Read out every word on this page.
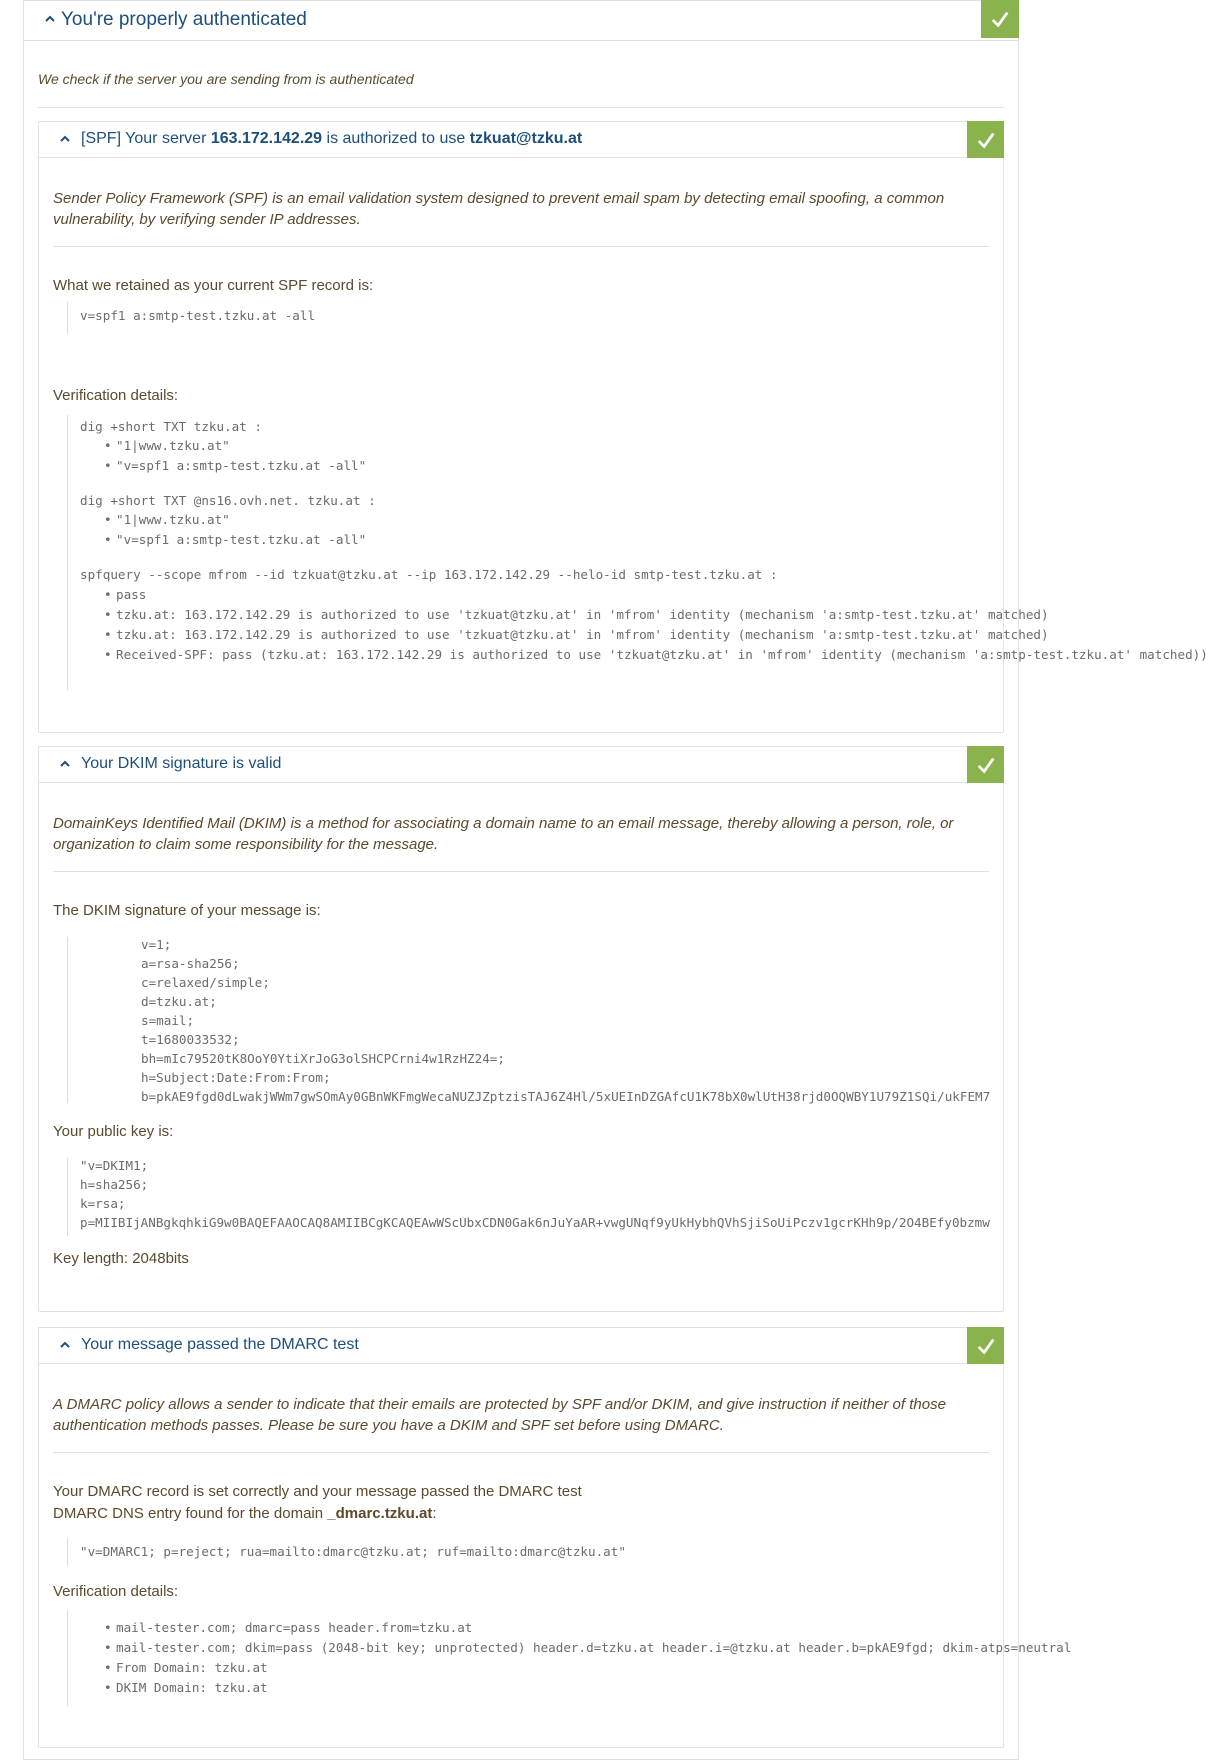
You're properly authenticated
We check if the server you are sending from is authenticated
[SPF] Your server 163.172.142.29 is authorized to use tzkuat@tzku.at
Sender Policy Framework (SPF) is an email validation system designed to prevent email spam by detecting email spoofing, a common
vulnerability, by verifying sender IP addresses.
What we retained as your current SPF record is:
v=spf1 a:smtp-test.tzku.at -all
Verification details:
dig +short TXT tzku.at :
• "1|www.tzku.at"
• "v=spf1 a:smtp-test.tzku.at -all"
dig +short TXT @ns16.ovh.net. tzku.at :
• "1|www.tzku.at"
• "v=spf1 a:smtp-test.tzku.at -all"
spfquery --scope mfrom --id tzkuat@tzku.at --ip 163.172.142.29 --helo-id smtp-test.tzku.at :
• pass
• tzku.at: 163.172.142.29 is authorized to use 'tzkuat@tzku.at' in 'mfrom' identity (mechanism 'a:smtp-test.tzku.at' matched)
• tzku.at: 163.172.142.29 is authorized to use 'tzkuat@tzku.at' in 'mfrom' identity (mechanism 'a:smtp-test.tzku.at' matched)
• Received-SPF: pass (tzku.at: 163.172.142.29 is authorized to use 'tzkuat@tzku.at' in 'mfrom' identity (mechanism 'a:smtp-test.tzku.at' matched))
Your DKIM signature is valid
DomainKeys Identified Mail (DKIM) is a method for associating a domain name to an email message, thereby allowing a person, role, or
organization to claim some responsibility for the message.
The DKIM signature of your message is:
v=1;
a=rsa-sha256;
c=relaxed/simple;
d=tzku.at;
s=mail;
t=1680033532;
bh=mIc79520tK8OoY0YtiXrJoG3olSHCPCrni4w1RzHZ24=;
h=Subject:Date:From:From;
b=pkAE9fgd0dLwakjWWm7gwSOmAy0GBnWKFmgWecaNUZJZptzisTAJ6Z4Hl/5xUEInDZGAfcU1K78bX0wlUtH38rjd0OQWBY1U79Z1SQi/ukFEM7
Your public key is:
"v=DKIM1;
h=sha256;
k=rsa;
p=MIIBIjANBgkqhkiG9w0BAQEFAAOCAQ8AMIIBCgKCAQEAwWScUbxCDN0Gak6nJuYaAR+vwgUNqf9yUkHybhQVhSjiSoUiPczv1gcrKHh9p/2O4BEfy0bzmw
Key length: 2048bits
Your message passed the DMARC test
A DMARC policy allows a sender to indicate that their emails are protected by SPF and/or DKIM, and give instruction if neither of those
authentication methods passes. Please be sure you have a DKIM and SPF set before using DMARC.
Your DMARC record is set correctly and your message passed the DMARC test
DMARC DNS entry found for the domain _dmarc.tzku.at:
"v=DMARC1; p=reject; rua=mailto:dmarc@tzku.at; ruf=mailto:dmarc@tzku.at"
Verification details:
• mail-tester.com; dmarc=pass header.from=tzku.at
• mail-tester.com; dkim=pass (2048-bit key; unprotected) header.d=tzku.at header.i=@tzku.at header.b=pkAE9fgd; dkim-atps=neutral
• From Domain: tzku.at
• DKIM Domain: tzku.at
